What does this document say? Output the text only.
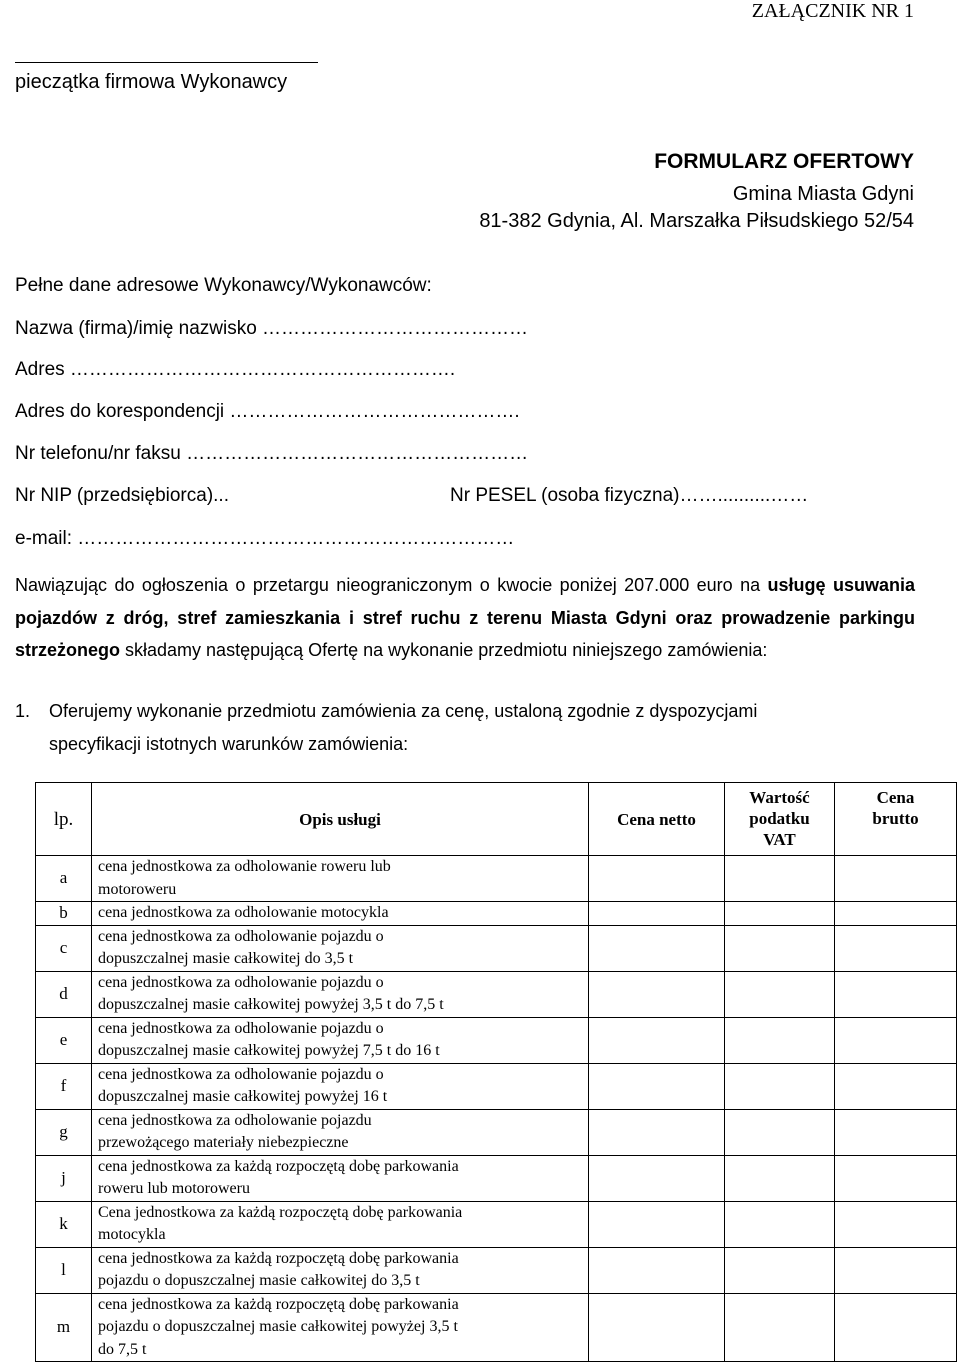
ZAŁĄCZNIK NR 1
pieczątka firmowa Wykonawcy
FORMULARZ OFERTOWY
Gmina Miasta Gdyni
81-382 Gdynia, Al. Marszałka Piłsudskiego 52/54
Pełne dane adresowe Wykonawcy/Wykonawców:
Nazwa (firma)/imię nazwisko ……………………………………
Adres …………………………………………………….
Adres do korespondencji ……………………………………….
Nr telefonu/nr faksu ………………………………………………
Nr NIP (przedsiębiorca)...	Nr PESEL (osoba fizyczna)……..........……
e-mail: ……………………………………………………………
Nawiązując do ogłoszenia o przetargu nieograniczonym o kwocie poniżej 207.000 euro na usługę usuwania pojazdów z dróg, stref zamieszkania i stref ruchu z terenu Miasta Gdyni oraz prowadzenie parkingu strzeżonego składamy następującą Ofertę na wykonanie przedmiotu niniejszego zamówienia:
1. Oferujemy wykonanie przedmiotu zamówienia za cenę, ustaloną zgodnie z dyspozycjami
specyfikacji istotnych warunków zamówienia:
lp.	Opis usługi	Cena netto	Wartość
podatku
VAT	Cena
brutto
a	cena jednostkowa za odholowanie roweru lub
motoroweru			

b	cena jednostkowa za odholowanie motocykla			

c	cena jednostkowa za odholowanie pojazdu o
dopuszczalnej masie całkowitej do 3,5 t			

d	cena jednostkowa za odholowanie pojazdu o
dopuszczalnej masie całkowitej powyżej 3,5 t do 7,5 t			

e	cena jednostkowa za odholowanie pojazdu o
dopuszczalnej masie całkowitej powyżej 7,5 t do 16 t			

f	cena jednostkowa za odholowanie pojazdu o
dopuszczalnej masie całkowitej powyżej 16 t			

g	cena jednostkowa za odholowanie pojazdu
przewożącego materiały niebezpieczne			

j	cena jednostkowa za każdą rozpoczętą dobę parkowania
roweru lub motoroweru			

k	Cena jednostkowa za każdą rozpoczętą dobę parkowania
motocykla			

l	cena jednostkowa za każdą rozpoczętą dobę parkowania
pojazdu o dopuszczalnej masie całkowitej do 3,5 t			

m	cena jednostkowa za każdą rozpoczętą dobę parkowania
pojazdu o dopuszczalnej masie całkowitej powyżej 3,5 t
do 7,5 t			
